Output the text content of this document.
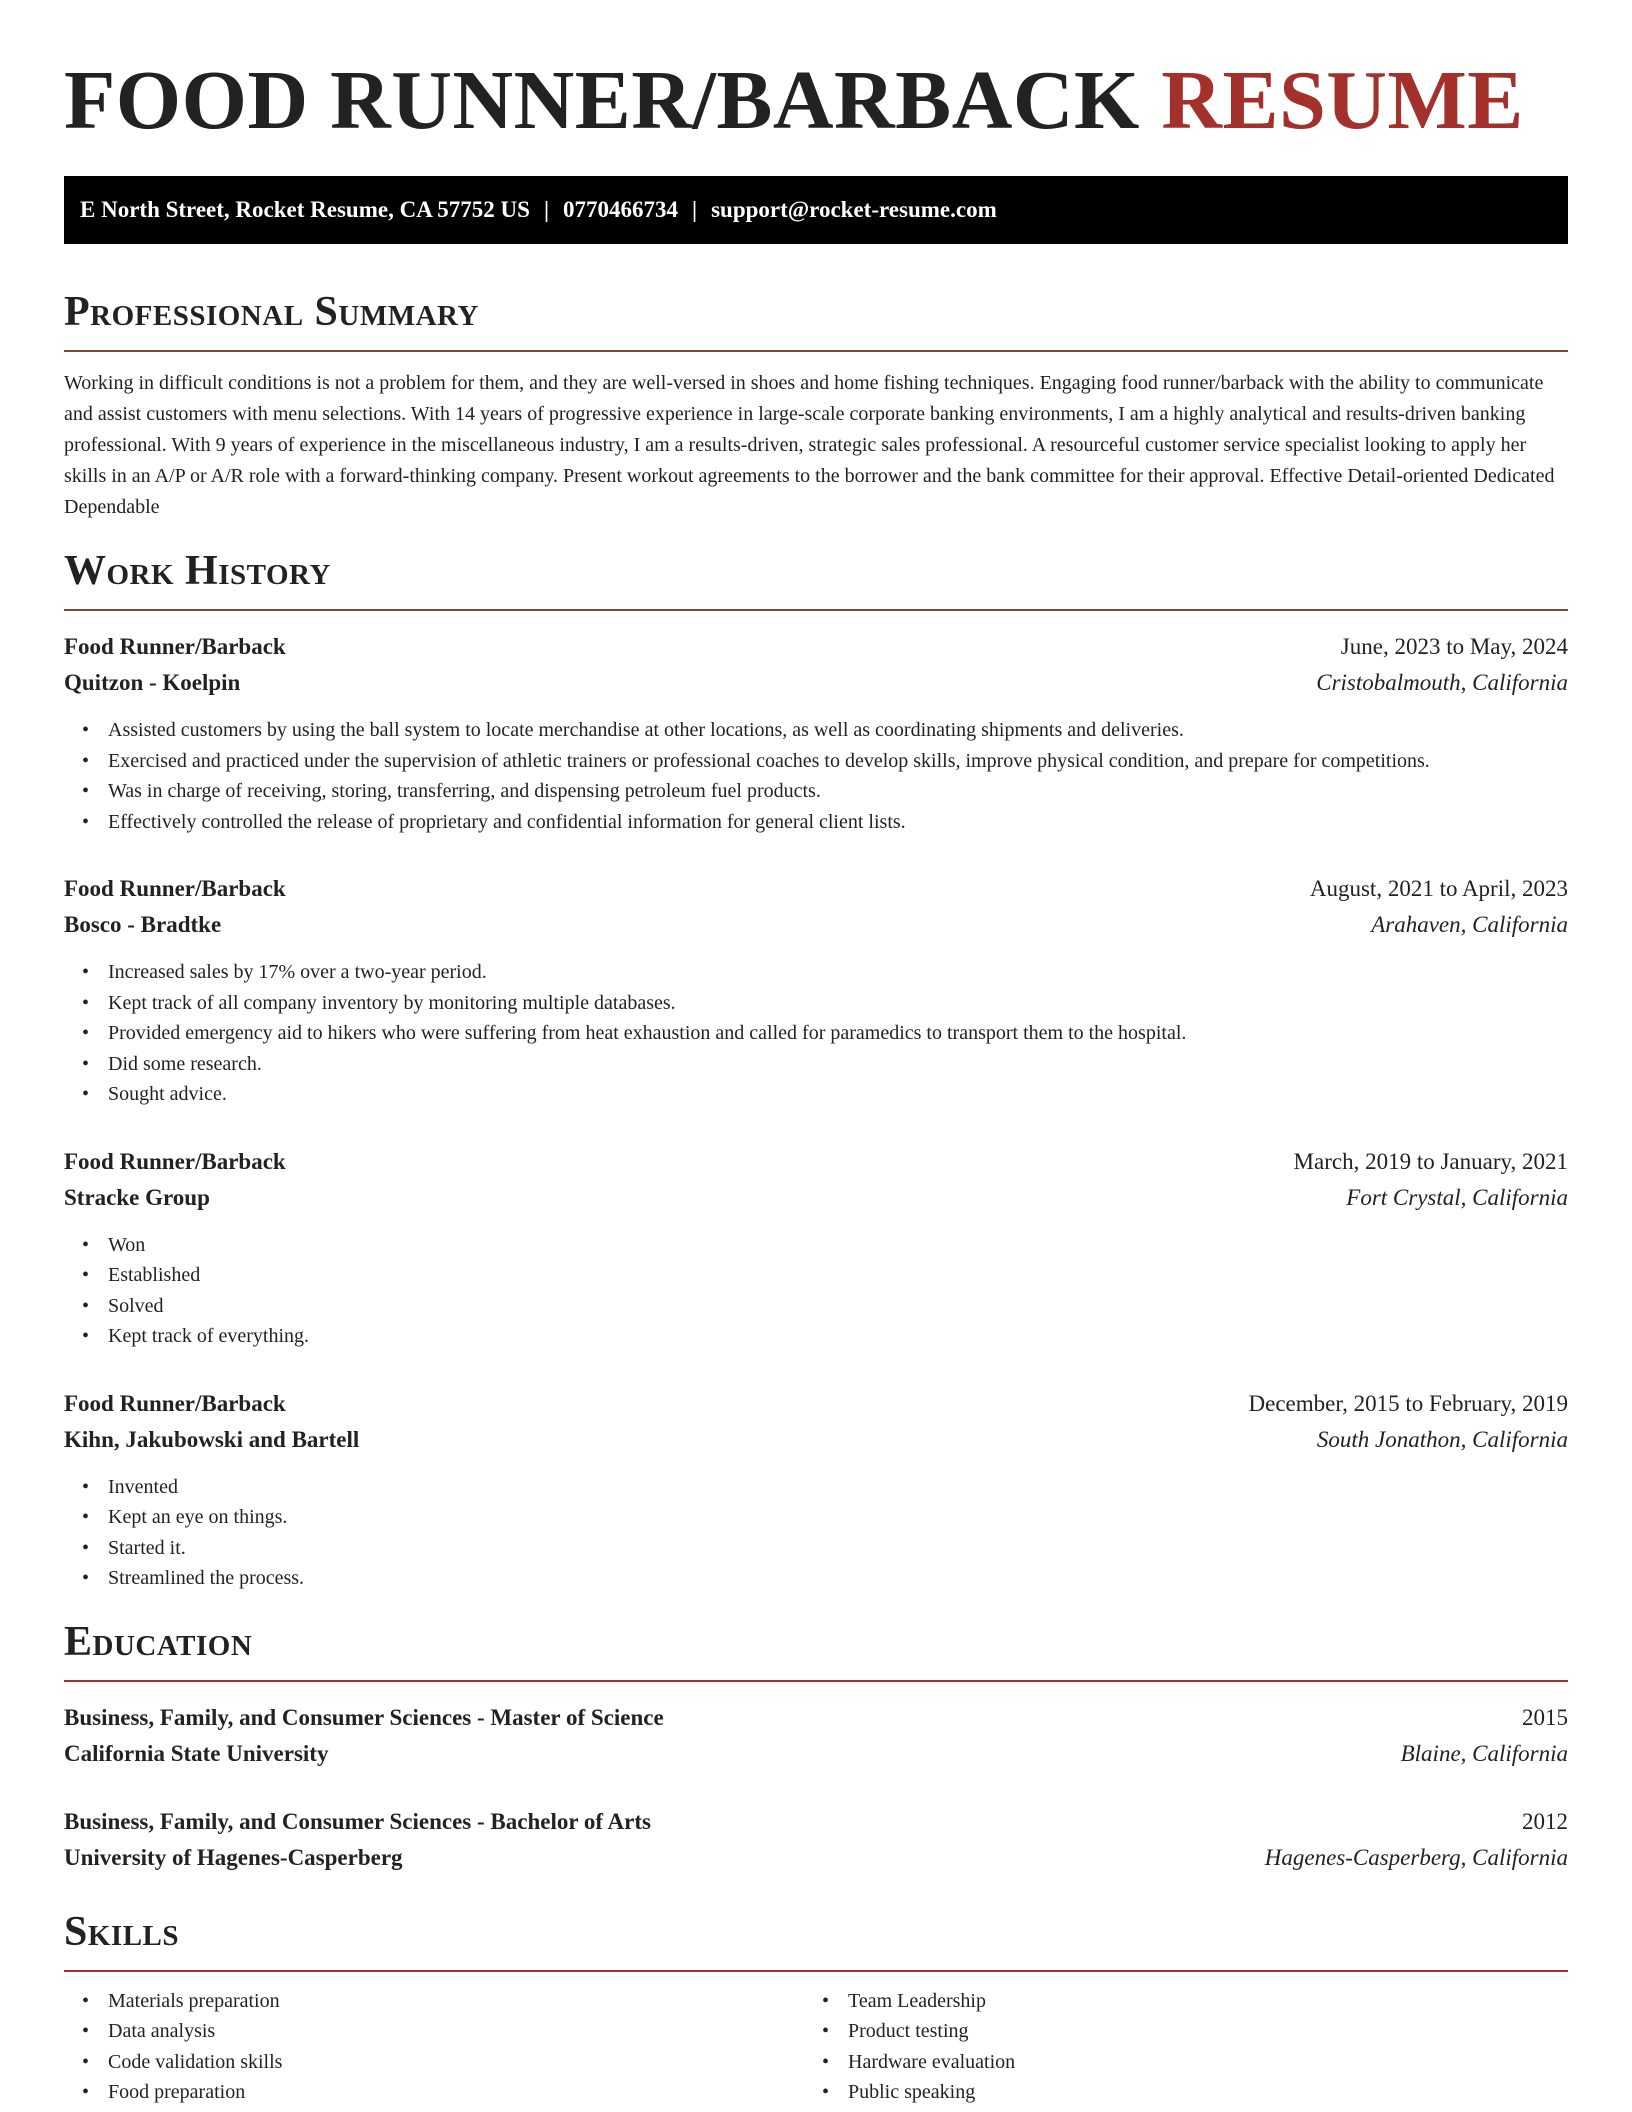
FOOD RUNNER/BARBACK RESUME
E North Street, Rocket Resume, CA 57752 US | 0770466734 | support@rocket-resume.com
Professional Summary

Working in difficult conditions is not a problem for them, and they are well-versed in shoes and home fishing techniques. Engaging food runner/barback with the ability to communicate and assist customers with menu selections. With 14 years of progressive experience in large-scale corporate banking environments, I am a highly analytical and results-driven banking professional. With 9 years of experience in the miscellaneous industry, I am a results-driven, strategic sales professional. A resourceful customer service specialist looking to apply her skills in an A/P or A/R role with a forward-thinking company. Present workout agreements to the borrower and the bank committee for their approval. Effective Detail-oriented Dedicated Dependable

Work History
Food Runner/Barback	June, 2023 to May, 2024
Quitzon - Koelpin	Cristobalmouth, California
• Assisted customers by using the ball system to locate merchandise at other locations, as well as coordinating shipments and deliveries.
• Exercised and practiced under the supervision of athletic trainers or professional coaches to develop skills, improve physical condition, and prepare for competitions.
• Was in charge of receiving, storing, transferring, and dispensing petroleum fuel products.
• Effectively controlled the release of proprietary and confidential information for general client lists.
Food Runner/Barback	August, 2021 to April, 2023
Bosco - Bradtke	Arahaven, California
• Increased sales by 17% over a two-year period.
• Kept track of all company inventory by monitoring multiple databases.
• Provided emergency aid to hikers who were suffering from heat exhaustion and called for paramedics to transport them to the hospital.
• Did some research.
• Sought advice.
Food Runner/Barback	March, 2019 to January, 2021
Stracke Group	Fort Crystal, California
• Won
• Established
• Solved
• Kept track of everything.
Food Runner/Barback	December, 2015 to February, 2019
Kihn, Jakubowski and Bartell	South Jonathon, California
• Invented
• Kept an eye on things.
• Started it.
• Streamlined the process.
Education
Business, Family, and Consumer Sciences - Master of Science	2015
California State University	Blaine, California
Business, Family, and Consumer Sciences - Bachelor of Arts	2012
University of Hagenes-Casperberg	Hagenes-Casperberg, California
Skills
• Materials preparation
• Data analysis
• Code validation skills
• Food preparation
• Team Leadership
• Product testing
• Hardware evaluation
• Public speaking
